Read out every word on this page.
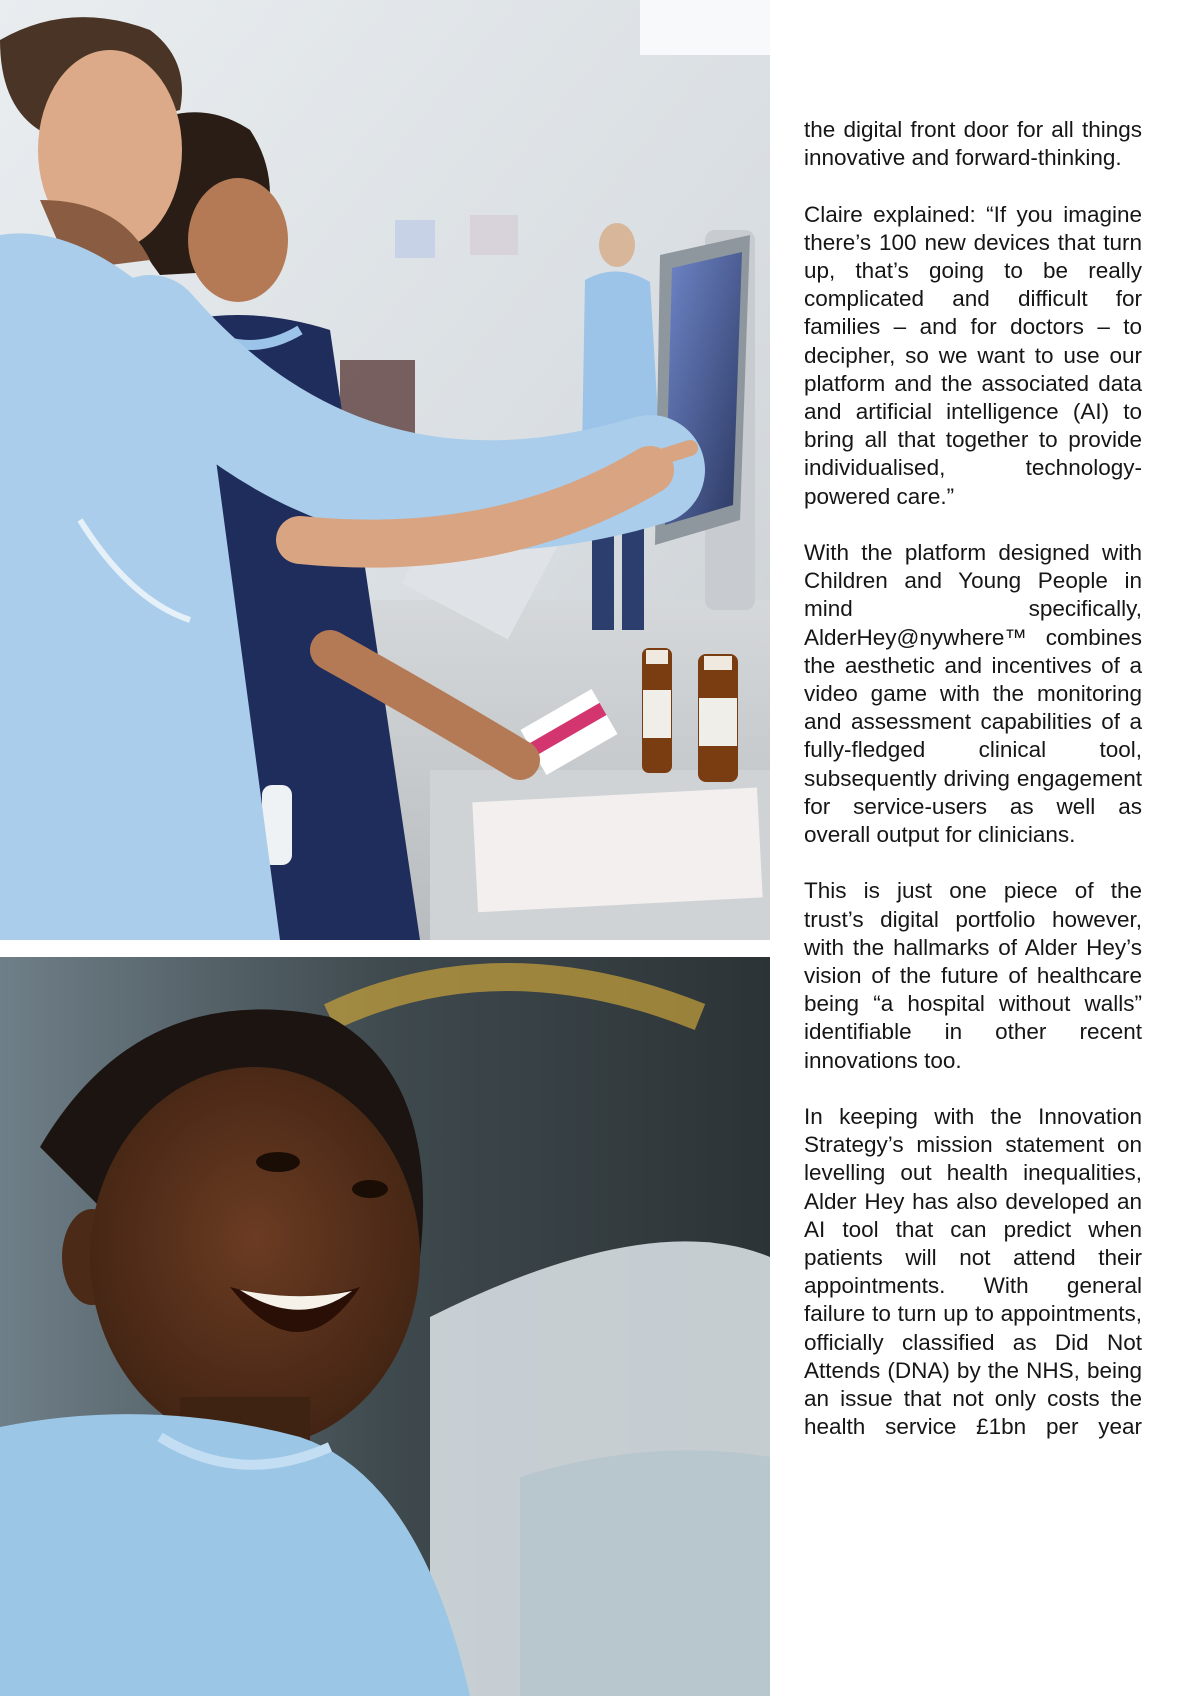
the digital front door for all things innovative and forward-thinking.

Claire explained: “If you imagine there’s 100 new devices that turn up, that’s going to be really complicated and difficult for families – and for doctors – to decipher, so we want to use our platform and the associated data and artificial intelligence (AI) to bring all that together to provide individualised, technology-powered care.”

With the platform designed with Children and Young People in mind specifically, AlderHey@nywhere™ combines the aesthetic and incentives of a video game with the monitoring and assessment capabilities of a fully-fledged clinical tool, subsequently driving engagement for service-users as well as overall output for clinicians.

This is just one piece of the trust’s digital portfolio however, with the hallmarks of Alder Hey’s vision of the future of healthcare being “a hospital without walls” identifiable in other recent innovations too.

In keeping with the Innovation Strategy’s mission statement on levelling out health inequalities, Alder Hey has also developed an AI tool that can predict when patients will not attend their appointments. With general failure to turn up to appointments, officially classified as Did Not Attends (DNA) by the NHS, being an issue that not only costs the health service £1bn per year
